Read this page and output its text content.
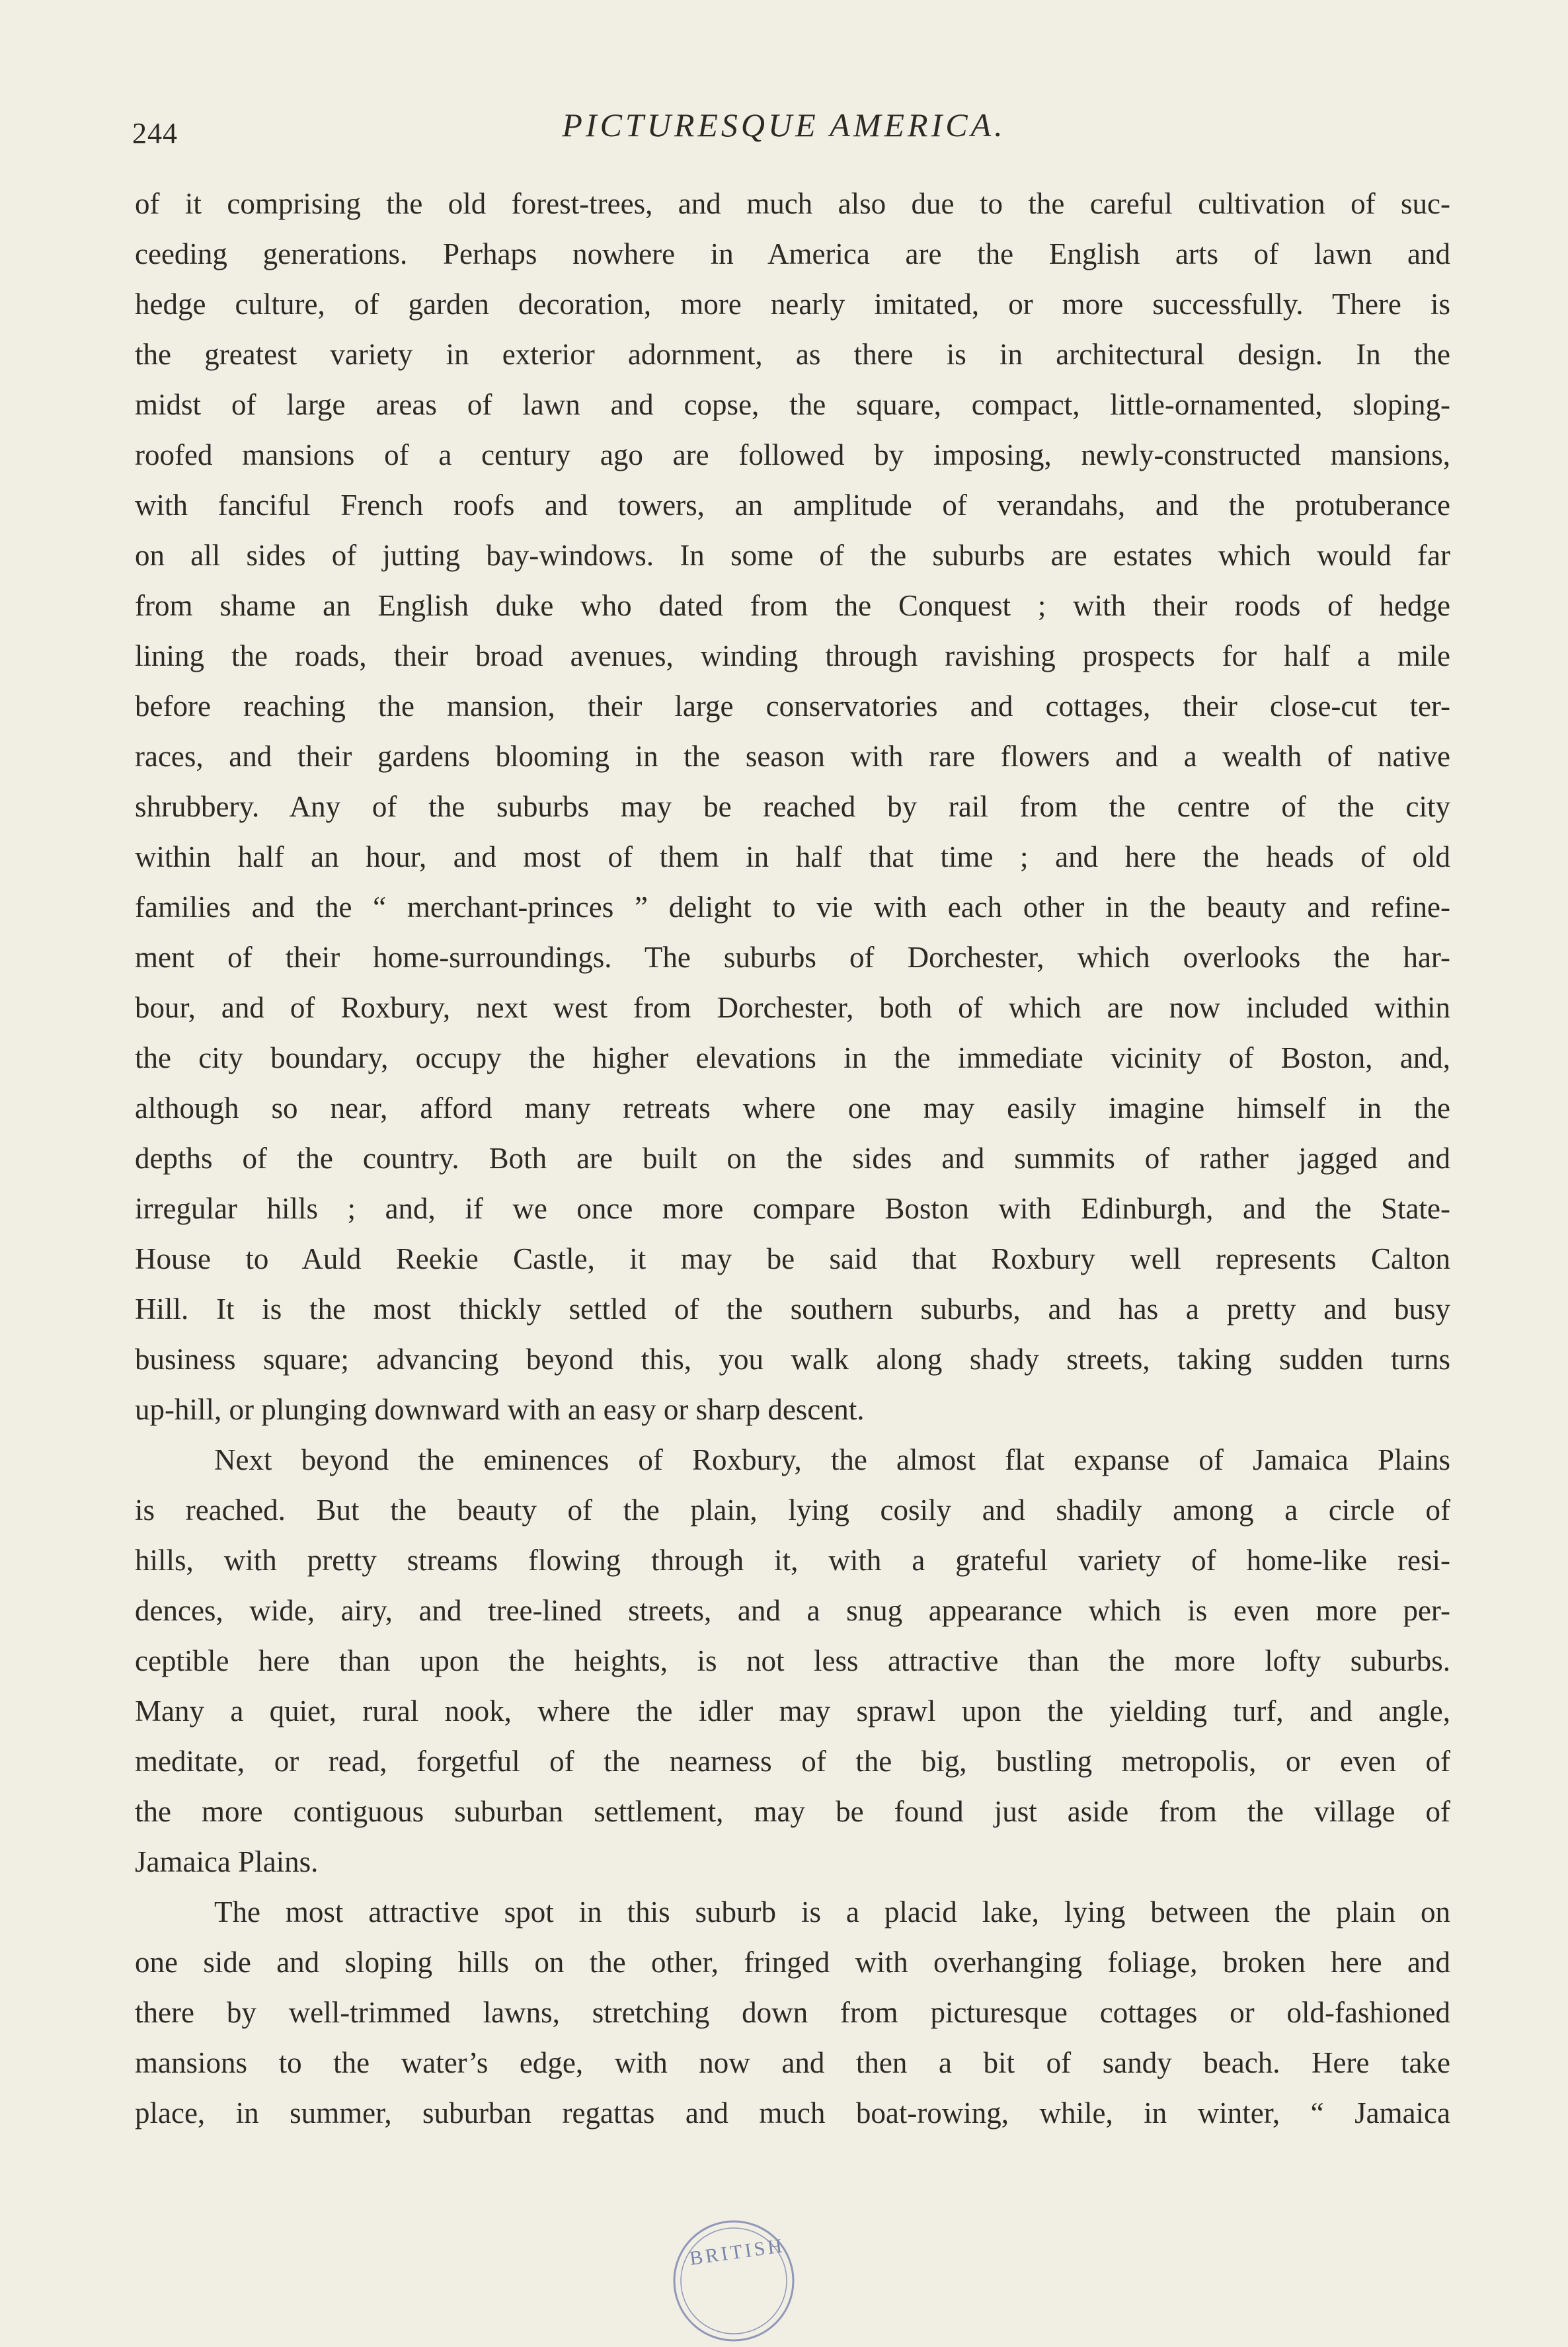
244	PICTURESQUE AMERICA.

of it comprising the old forest-trees, and much also due to the careful cultivation of suc-

ceeding generations. Perhaps nowhere in America are the English arts of lawn and

hedge culture, of garden decoration, more nearly imitated, or more successfully. There is

the greatest variety in exterior adornment, as there is in architectural design. In the

midst of large areas of lawn and copse, the square, compact, little-ornamented, sloping-

roofed mansions of a century ago are followed by imposing, newly-constructed mansions,

with fanciful French roofs and towers, an amplitude of verandahs, and the protuberance

on all sides of jutting bay-windows. In some of the suburbs are estates which would far

from shame an English duke who dated from the Conquest ; with their roods of hedge

lining the roads, their broad avenues, winding through ravishing prospects for half a mile

before reaching the mansion, their large conservatories and cottages, their close-cut ter-

races, and their gardens blooming in the season with rare flowers and a wealth of native

shrubbery. Any of the suburbs may be reached by rail from the centre of the city

within half an hour, and most of them in half that time ; and here the heads of old

families and the “ merchant-princes ” delight to vie with each other in the beauty and refine-

ment of their home-surroundings. The suburbs of Dorchester, which overlooks the har-

bour, and of Roxbury, next west from Dorchester, both of which are now included within

the city boundary, occupy the higher elevations in the immediate vicinity of Boston, and,

although so near, afford many retreats where one may easily imagine himself in the

depths of the country. Both are built on the sides and summits of rather jagged and

irregular hills ; and, if we once more compare Boston with Edinburgh, and the State-

House to Auld Reekie Castle, it may be said that Roxbury well represents Calton

Hill. It is the most thickly settled of the southern suburbs, and has a pretty and busy

business square; advancing beyond this, you walk along shady streets, taking sudden turns

up-hill, or plunging downward with an easy or sharp descent.

Next beyond the eminences of Roxbury, the almost flat expanse of Jamaica Plains

is reached. But the beauty of the plain, lying cosily and shadily among a circle of

hills, with pretty streams flowing through it, with a grateful variety of home-like resi-

dences, wide, airy, and tree-lined streets, and a snug appearance which is even more per-

ceptible here than upon the heights, is not less attractive than the more lofty suburbs.

Many a quiet, rural nook, where the idler may sprawl upon the yielding turf, and angle,

meditate, or read, forgetful of the nearness of the big, bustling metropolis, or even of

the more contiguous suburban settlement, may be found just aside from the village of

Jamaica Plains.

The most attractive spot in this suburb is a placid lake, lying between the plain on

one side and sloping hills on the other, fringed with overhanging foliage, broken here and

there by well-trimmed lawns, stretching down from picturesque cottages or old-fashioned

mansions to the water’s edge, with now and then a bit of sandy beach. Here take

place, in summer, suburban regattas and much boat-rowing, while, in winter, “ Jamaica

BRITISH
